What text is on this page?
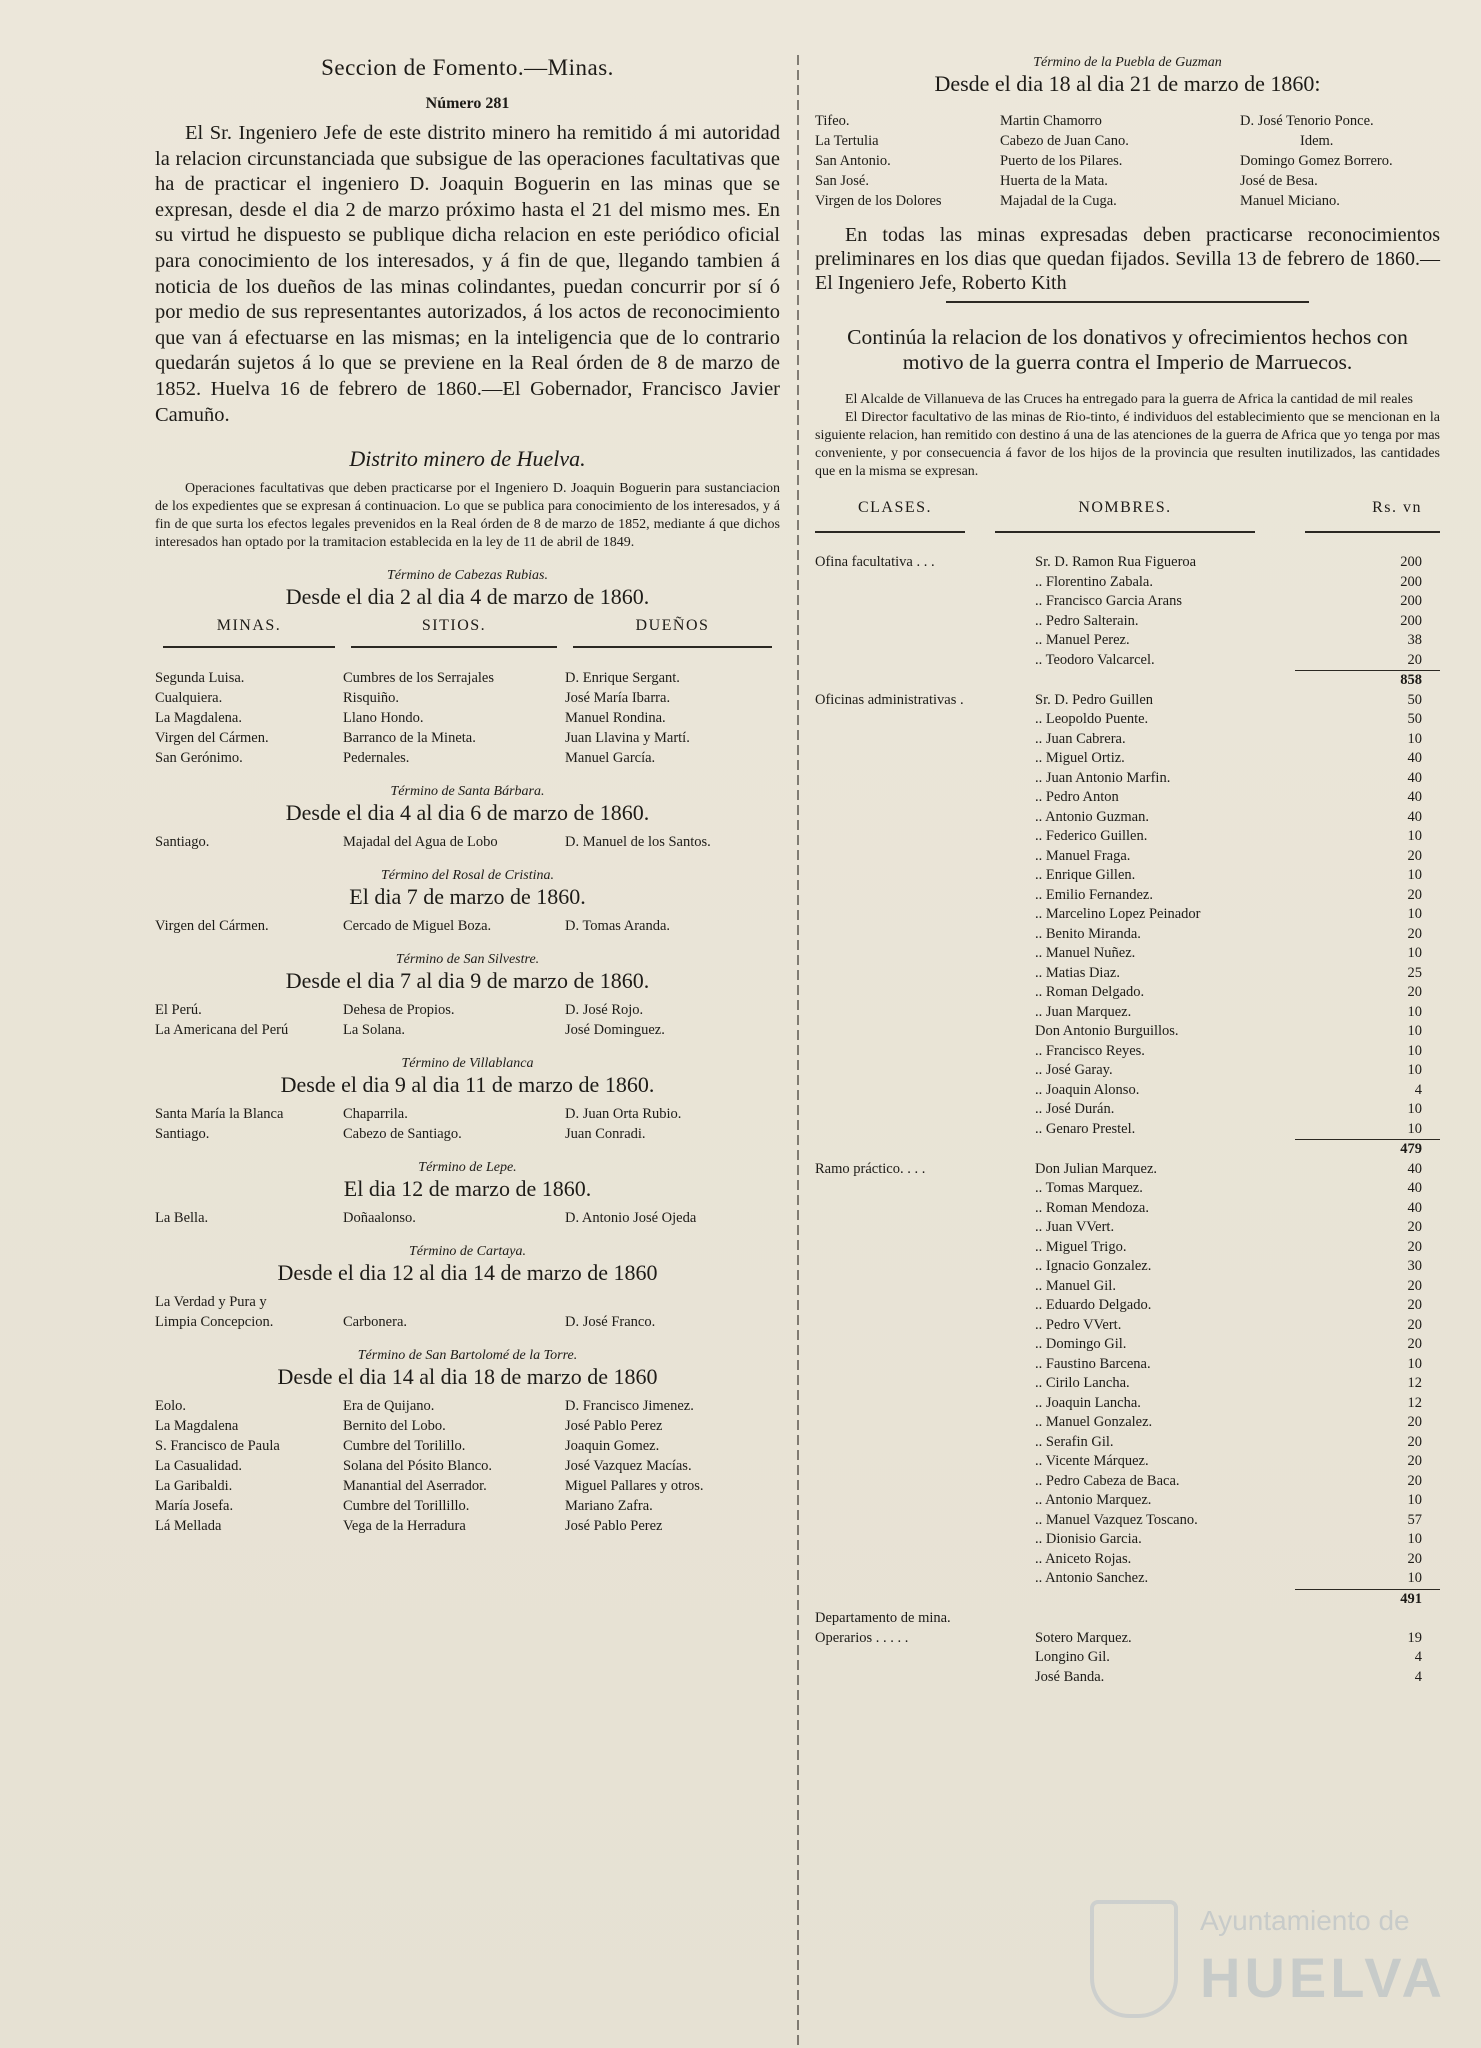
Seccion de Fomento.—Minas.
Número 281

El Sr. Ingeniero Jefe de este distrito minero ha remitido á mi autoridad la relacion circunstanciada que subsigue de las operaciones facultativas que ha de practicar el ingeniero D. Joaquin Boguerin en las minas que se expresan, desde el dia 2 de marzo próximo hasta el 21 del mismo mes. En su virtud he dispuesto se publique dicha relacion en este periódico oficial para conocimiento de los interesados, y á fin de que, llegando tambien á noticia de los dueños de las minas colindantes, puedan concurrir por sí ó por medio de sus representantes autorizados, á los actos de reconocimiento que van á efectuarse en las mismas; en la inteligencia que de lo contrario quedarán sujetos á lo que se previene en la Real órden de 8 de marzo de 1852. Huelva 16 de febrero de 1860.—El Gobernador, Francisco Javier Camuño.

Distrito minero de Huelva.

Operaciones facultativas que deben practicarse por el Ingeniero D. Joaquin Boguerin para sustanciacion de los expedientes que se expresan á continuacion. Lo que se publica para conocimiento de los interesados, y á fin de que surta los efectos legales prevenidos en la Real órden de 8 de marzo de 1852, mediante á que dichos interesados han optado por la tramitacion establecida en la ley de 11 de abril de 1849.

Término de Cabezas Rubias.
Desde el dia 2 al dia 4 de marzo de 1860.
MINAS.	SITIOS.	DUEÑOS
Segunda Luisa.	Cumbres de los Serrajales	D. Enrique Sergant.
Cualquiera.	Risquiño.	José María Ibarra.
La Magdalena.	Llano Hondo.	Manuel Rondina.
Virgen del Cármen.	Barranco de la Mineta.	Juan Llavina y Martí.
San Gerónimo.	Pedernales.	Manuel García.
Término de Santa Bárbara.
Desde el dia 4 al dia 6 de marzo de 1860.
Santiago.	Majadal del Agua de Lobo	D. Manuel de los Santos.
Término del Rosal de Cristina.
El dia 7 de marzo de 1860.
Virgen del Cármen.	Cercado de Miguel Boza.	D. Tomas Aranda.
Término de San Silvestre.
Desde el dia 7 al dia 9 de marzo de 1860.
El Perú.	Dehesa de Propios.	D. José Rojo.
La Americana del Perú	La Solana.	José Dominguez.
Término de Villablanca
Desde el dia 9 al dia 11 de marzo de 1860.
Santa María la Blanca	Chaparrila.	D. Juan Orta Rubio.
Santiago.	Cabezo de Santiago.	Juan Conradi.
Término de Lepe.
El dia 12 de marzo de 1860.
La Bella.	Doñaalonso.	D. Antonio José Ojeda
Término de Cartaya.
Desde el dia 12 al dia 14 de marzo de 1860
La Verdad y Pura y
Limpia Concepcion.	Carbonera.	D. José Franco.
Término de San Bartolomé de la Torre.
Desde el dia 14 al dia 18 de marzo de 1860
Eolo.	Era de Quijano.	D. Francisco Jimenez.
La Magdalena	Bernito del Lobo.	José Pablo Perez
S. Francisco de Paula	Cumbre del Torilillo.	Joaquin Gomez.
La Casualidad.	Solana del Pósito Blanco.	José Vazquez Macías.
La Garibaldi.	Manantial del Aserrador.	Miguel Pallares y otros.
María Josefa.	Cumbre del Torillillo.	Mariano Zafra.
Lá Mellada	Vega de la Herradura	José Pablo Perez
Término de la Puebla de Guzman
Desde el dia 18 al dia 21 de marzo de 1860:
Tifeo.	Martin Chamorro	D. José Tenorio Ponce.
La Tertulia	Cabezo de Juan Cano.	Idem.
San Antonio.	Puerto de los Pilares.	Domingo Gomez Borrero.
San José.	Huerta de la Mata.	José de Besa.
Virgen de los Dolores	Majadal de la Cuga.	Manuel Miciano.

En todas las minas expresadas deben practicarse reconocimientos preliminares en los dias que quedan fijados. Sevilla 13 de febrero de 1860.—El Ingeniero Jefe, Roberto Kith

Continúa la relacion de los donativos y ofrecimientos hechos con motivo de la guerra contra el Imperio de Marruecos.

El Alcalde de Villanueva de las Cruces ha entregado para la guerra de Africa la cantidad de mil reales

El Director facultativo de las minas de Rio-tinto, é individuos del establecimiento que se mencionan en la siguiente relacion, han remitido con destino á una de las atenciones de la guerra de Africa que yo tenga por mas conveniente, y por consecuencia á favor de los hijos de la provincia que resulten inutilizados, las cantidades que en la misma se expresan.

CLASES.	NOMBRES.	Rs. vn
Ofina facultativa . . .	Sr. D. Ramon Rua Figueroa	200
	.. Florentino Zabala.	200
	.. Francisco Garcia Arans	200
	.. Pedro Salterain.	200
	.. Manuel Perez.	38
	.. Teodoro Valcarcel.	20
		858
Oficinas administrativas .	Sr. D. Pedro Guillen	50
	.. Leopoldo Puente.	50
	.. Juan Cabrera.	10
	.. Miguel Ortiz.	40
	.. Juan Antonio Marfin.	40
	.. Pedro Anton	40
	.. Antonio Guzman.	40
	.. Federico Guillen.	10
	.. Manuel Fraga.	20
	.. Enrique Gillen.	10
	.. Emilio Fernandez.	20
	.. Marcelino Lopez Peinador	10
	.. Benito Miranda.	20
	.. Manuel Nuñez.	10
	.. Matias Diaz.	25
	.. Roman Delgado.	20
	.. Juan Marquez.	10
	Don Antonio Burguillos.	10
	.. Francisco Reyes.	10
	.. José Garay.	10
	.. Joaquin Alonso.	4
	.. José Durán.	10
	.. Genaro Prestel.	10
		479
Ramo práctico. . . .	Don Julian Marquez.	40
	.. Tomas Marquez.	40
	.. Roman Mendoza.	40
	.. Juan VVert.	20
	.. Miguel Trigo.	20
	.. Ignacio Gonzalez.	30
	.. Manuel Gil.	20
	.. Eduardo Delgado.	20
	.. Pedro VVert.	20
	.. Domingo Gil.	20
	.. Faustino Barcena.	10
	.. Cirilo Lancha.	12
	.. Joaquin Lancha.	12
	.. Manuel Gonzalez.	20
	.. Serafin Gil.	20
	.. Vicente Márquez.	20
	.. Pedro Cabeza de Baca.	20
	.. Antonio Marquez.	10
	.. Manuel Vazquez Toscano.	57
	.. Dionisio Garcia.	10
	.. Aniceto Rojas.	20
	.. Antonio Sanchez.	10
		491
Departamento de mina.		
Operarios . . . . .	Sotero Marquez.	19
	Longino Gil.	4
	José Banda.	4
Ayuntamiento de
HUELVA
